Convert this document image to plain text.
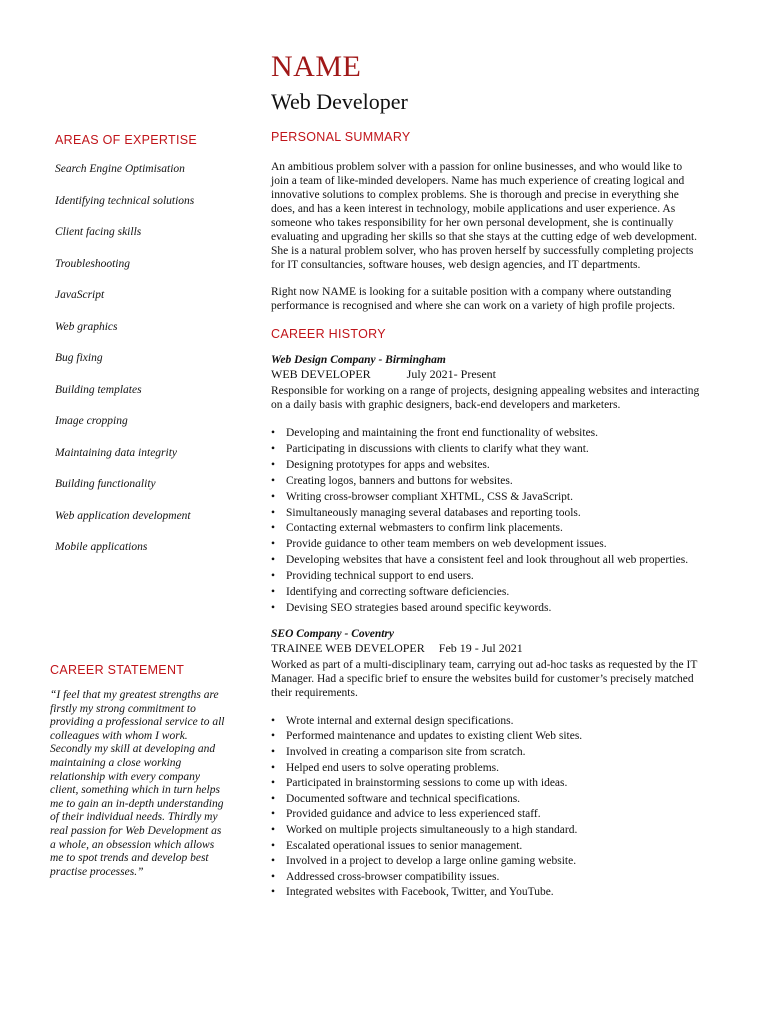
NAME
Web Developer
AREAS OF EXPERTISE
Search Engine Optimisation
Identifying technical solutions
Client facing skills
Troubleshooting
JavaScript
Web graphics
Bug fixing
Building templates
Image cropping
Maintaining data integrity
Building functionality
Web application development
Mobile applications
CAREER STATEMENT

“I feel that my greatest strengths are firstly my strong commitment to providing a professional service to all colleagues with whom I work. Secondly my skill at developing and maintaining a close working relationship with every company client, something which in turn helps me to gain an in-depth understanding of their individual needs. Thirdly my real passion for Web Development as a whole, an obsession which allows me to spot trends and develop best practise processes.”

PERSONAL SUMMARY

An ambitious problem solver with a passion for online businesses, and who would like to join a team of like-minded developers. Name has much experience of creating logical and innovative solutions to complex problems. She is thorough and precise in everything she does, and has a keen interest in technology, mobile applications and user experience. As someone who takes responsibility for her own personal development, she is continually evaluating and upgrading her skills so that she stays at the cutting edge of web development. She is a natural problem solver, who has proven herself by successfully completing projects for IT consultancies, software houses, web design agencies, and IT departments.

Right now NAME is looking for a suitable position with a company where outstanding performance is recognised and where she can work on a variety of high profile projects.

CAREER HISTORY

Web Design Company - Birmingham

WEB DEVELOPER	July 2021- Present

Responsible for working on a range of projects, designing appealing websites and interacting on a daily basis with graphic designers, back-end developers and marketers.

• Developing and maintaining the front end functionality of websites.
• Participating in discussions with clients to clarify what they want.
• Designing prototypes for apps and websites.
• Creating logos, banners and buttons for websites.
• Writing cross-browser compliant XHTML, CSS & JavaScript.
• Simultaneously managing several databases and reporting tools.
• Contacting external webmasters to confirm link placements.
• Provide guidance to other team members on web development issues.
• Developing websites that have a consistent feel and look throughout all web properties.
• Providing technical support to end users.
• Identifying and correcting software deficiencies.
• Devising SEO strategies based around specific keywords.

SEO Company - Coventry

TRAINEE WEB DEVELOPER Feb 19 - Jul 2021

Worked as part of a multi-disciplinary team, carrying out ad-hoc tasks as requested by the IT Manager. Had a specific brief to ensure the websites build for customer’s precisely matched their requirements.

• Wrote internal and external design specifications.
• Performed maintenance and updates to existing client Web sites.
• Involved in creating a comparison site from scratch.
• Helped end users to solve operating problems.
• Participated in brainstorming sessions to come up with ideas.
• Documented software and technical specifications.
• Provided guidance and advice to less experienced staff.
• Worked on multiple projects simultaneously to a high standard.
• Escalated operational issues to senior management.
• Involved in a project to develop a large online gaming website.
• Addressed cross-browser compatibility issues.
• Integrated websites with Facebook, Twitter, and YouTube.
